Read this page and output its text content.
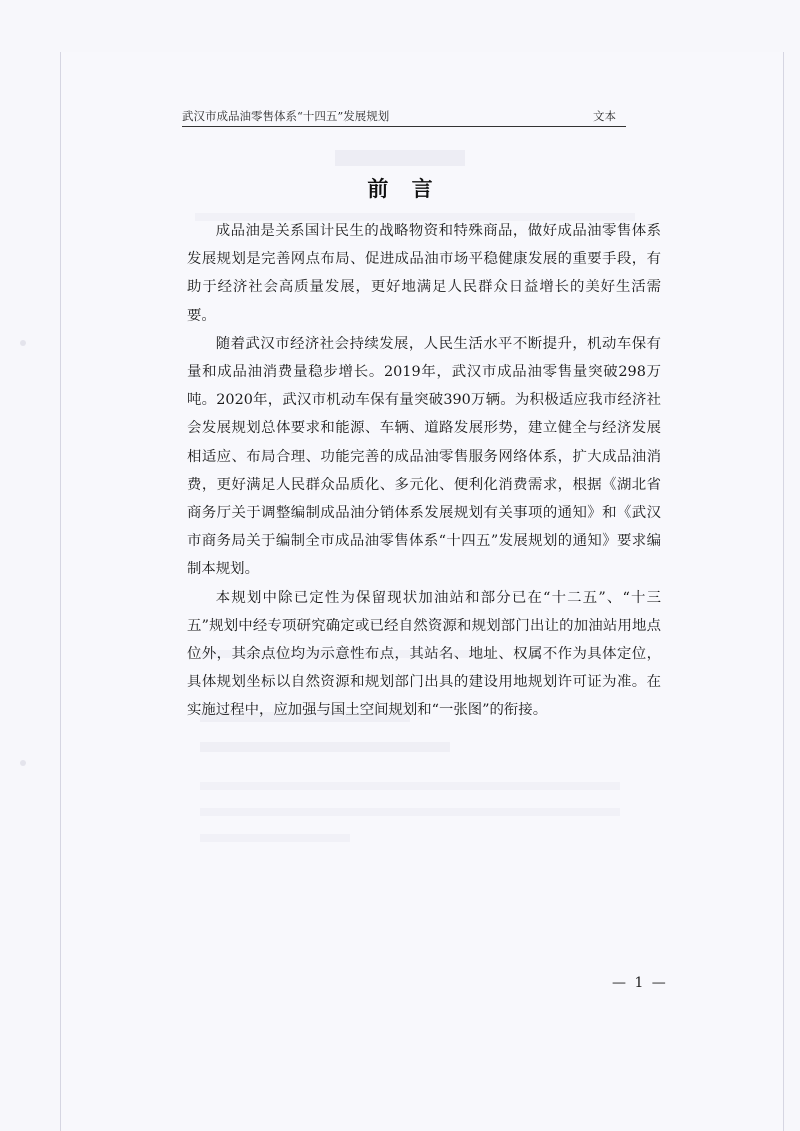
武汉市成品油零售体系“十四五”发展规划	文本
前 言

成品油是关系国计民生的战略物资和特殊商品，做好成品油零售体系发展规划是完善网点布局、促进成品油市场平稳健康发展的重要手段，有助于经济社会高质量发展，更好地满足人民群众日益增长的美好生活需要。

随着武汉市经济社会持续发展，人民生活水平不断提升，机动车保有量和成品油消费量稳步增长。2019年，武汉市成品油零售量突破298万吨。2020年，武汉市机动车保有量突破390万辆。为积极适应我市经济社会发展规划总体要求和能源、车辆、道路发展形势，建立健全与经济发展相适应、布局合理、功能完善的成品油零售服务网络体系，扩大成品油消费，更好满足人民群众品质化、多元化、便利化消费需求，根据《湖北省商务厅关于调整编制成品油分销体系发展规划有关事项的通知》和《武汉市商务局关于编制全市成品油零售体系“十四五”发展规划的通知》要求编制本规划。

本规划中除已定性为保留现状加油站和部分已在“十二五”、“十三五”规划中经专项研究确定或已经自然资源和规划部门出让的加油站用地点位外，其余点位均为示意性布点，其站名、地址、权属不作为具体定位，具体规划坐标以自然资源和规划部门出具的建设用地规划许可证为准。在实施过程中，应加强与国土空间规划和“一张图”的衔接。

— 1 —
